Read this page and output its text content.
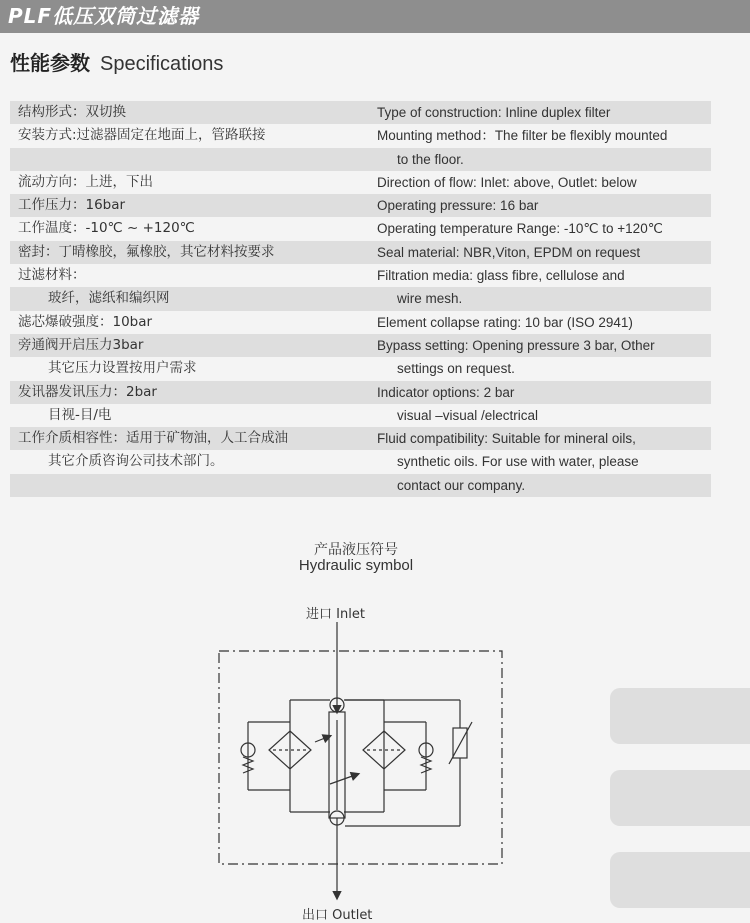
PLF低压双筒过滤器
性能参数 Specifications
结构形式：双切换	Type of construction: Inline duplex filter
安装方式:过滤器固定在地面上，管路联接	Mounting method：The filter be flexibly mounted
to the floor.
流动方向：上进，下出	Direction of flow: Inlet: above, Outlet: below
工作压力：16bar	Operating pressure: 16 bar
工作温度：-10℃ ~ +120℃	Operating temperature Range: -10℃ to +120℃
密封：丁晴橡胶，氟橡胶，其它材料按要求	Seal material: NBR,Viton, EPDM on request
过滤材料：	Filtration media: glass fibre, cellulose and
玻纤，滤纸和编织网	wire mesh.
滤芯爆破强度：10bar	Element collapse rating: 10 bar (ISO 2941)
旁通阀开启压力3bar	Bypass setting: Opening pressure 3 bar, Other
其它压力设置按用户需求	settings on request.
发讯器发讯压力：2bar	Indicator options: 2 bar
目视-目/电	visual –visual /electrical
工作介质相容性：适用于矿物油，人工合成油	Fluid compatibility: Suitable for mineral oils,
其它介质咨询公司技术部门。	synthetic oils. For use with water, please
contact our company.
产品液压符号
Hydraulic symbol
进口 Inlet
出口 Outlet
